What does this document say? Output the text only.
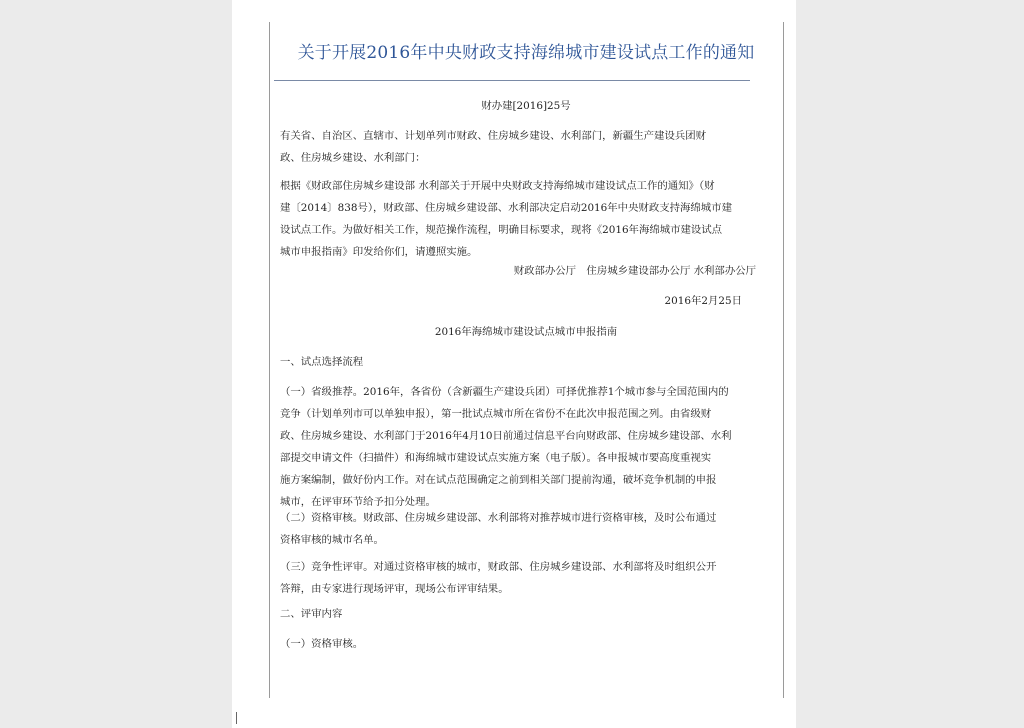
关于开展2016年中央财政支持海绵城市建设试点工作的通知
财办建[2016]25号
有关省、自治区、直辖市、计划单列市财政、住房城乡建设、水利部门，新疆生产建设兵团财
政、住房城乡建设、水利部门：
根据《财政部住房城乡建设部 水利部关于开展中央财政支持海绵城市建设试点工作的通知》（财
建〔2014〕838号），财政部、住房城乡建设部、水利部决定启动2016年中央财政支持海绵城市建
设试点工作。为做好相关工作，规范操作流程，明确目标要求，现将《2016年海绵城市建设试点
城市申报指南》印发给你们，请遵照实施。
财政部办公厅　住房城乡建设部办公厅 水利部办公厅
2016年2月25日
2016年海绵城市建设试点城市申报指南
一、试点选择流程
（一）省级推荐。2016年，各省份（含新疆生产建设兵团）可择优推荐1个城市参与全国范围内的
竞争（计划单列市可以单独申报），第一批试点城市所在省份不在此次申报范围之列。由省级财
政、住房城乡建设、水利部门于2016年4月10日前通过信息平台向财政部、住房城乡建设部、水利
部提交申请文件（扫描件）和海绵城市建设试点实施方案（电子版）。各申报城市要高度重视实
施方案编制，做好份内工作。对在试点范围确定之前到相关部门提前沟通，破坏竞争机制的申报
城市，在评审环节给予扣分处理。
（二）资格审核。财政部、住房城乡建设部、水利部将对推荐城市进行资格审核，及时公布通过
资格审核的城市名单。
（三）竞争性评审。对通过资格审核的城市，财政部、住房城乡建设部、水利部将及时组织公开
答辩，由专家进行现场评审，现场公布评审结果。
二、评审内容
（一）资格审核。
